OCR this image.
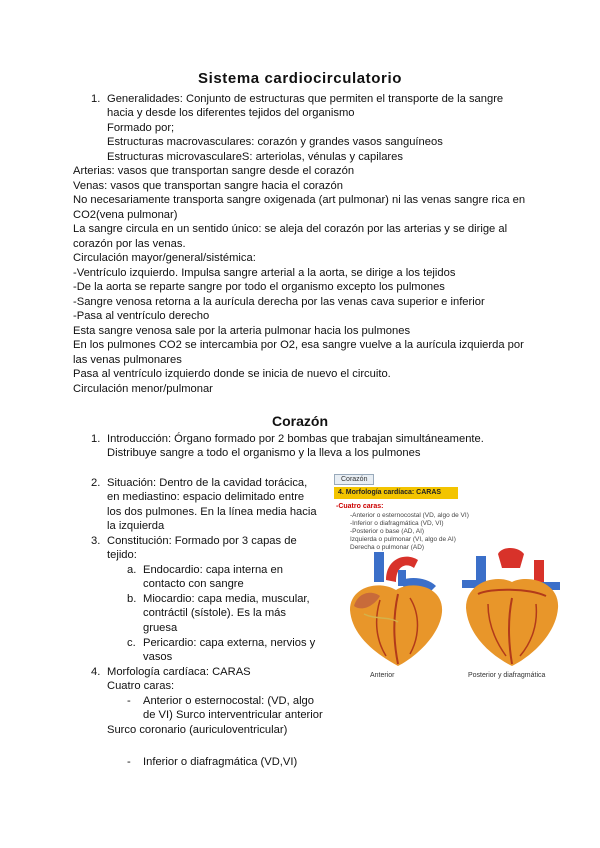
Sistema cardiocirculatorio
1. Generalidades: Conjunto de estructuras que permiten el transporte de la sangre
hacia y desde los diferentes tejidos del organismo
Formado por;
Estructuras macrovasculares: corazón y grandes vasos sanguíneos
Estructuras microvasculareS: arteriolas, vénulas y capilares
Arterias: vasos que transportan sangre desde el corazón
Venas: vasos que transportan sangre hacia el corazón
No necesariamente transporta sangre oxigenada (art pulmonar) ni las venas sangre rica en
CO2(vena pulmonar)
La sangre circula en un sentido único: se aleja del corazón por las arterias y se dirige al
corazón por las venas.
Circulación mayor/general/sistémica:
-Ventrículo izquierdo. Impulsa sangre arterial a la aorta, se dirige a los tejidos
-De la aorta se reparte sangre por todo el organismo excepto los pulmones
-Sangre venosa retorna a la aurícula derecha por las venas cava superior e inferior
-Pasa al ventrículo derecho
Esta sangre venosa sale por la arteria pulmonar hacia los pulmones
En los pulmones CO2 se intercambia por O2, esa sangre vuelve a la aurícula izquierda por
las venas pulmonares
Pasa al ventrículo izquierdo donde se inicia de nuevo el circuito.
Circulación menor/pulmonar
Corazón
1. Introducción: Órgano formado por 2 bombas que trabajan simultáneamente.
Distribuye sangre a todo el organismo y la lleva a los pulmones
2. Situación: Dentro de la cavidad torácica,
en mediastino: espacio delimitado entre
los dos pulmones. En la línea media hacia
la izquierda
3. Constitución: Formado por 3 capas de
tejido:
a. Endocardio: capa interna en
contacto con sangre
b. Miocardio: capa media, muscular,
contráctil (sístole). Es la más
gruesa
c. Pericardio: capa externa, nervios y
vasos
4. Morfología cardíaca: CARAS
Cuatro caras:
- Anterior o esternocostal: (VD, algo
de VI) Surco interventricular anterior
Surco coronario (auriculoventricular)
- Inferior o diafragmática (VD,VI)
Corazón
4. Morfología cardíaca: CARAS
-Cuatro caras:
-Anterior o esternocostal (VD, algo de VI)
-Inferior o diafragmática (VD, VI)
-Posterior o base (AD, AI)
Izquierda o pulmonar (VI, algo de AI)
Derecha o pulmonar (AD)
Anterior	Posterior y diafragmática
